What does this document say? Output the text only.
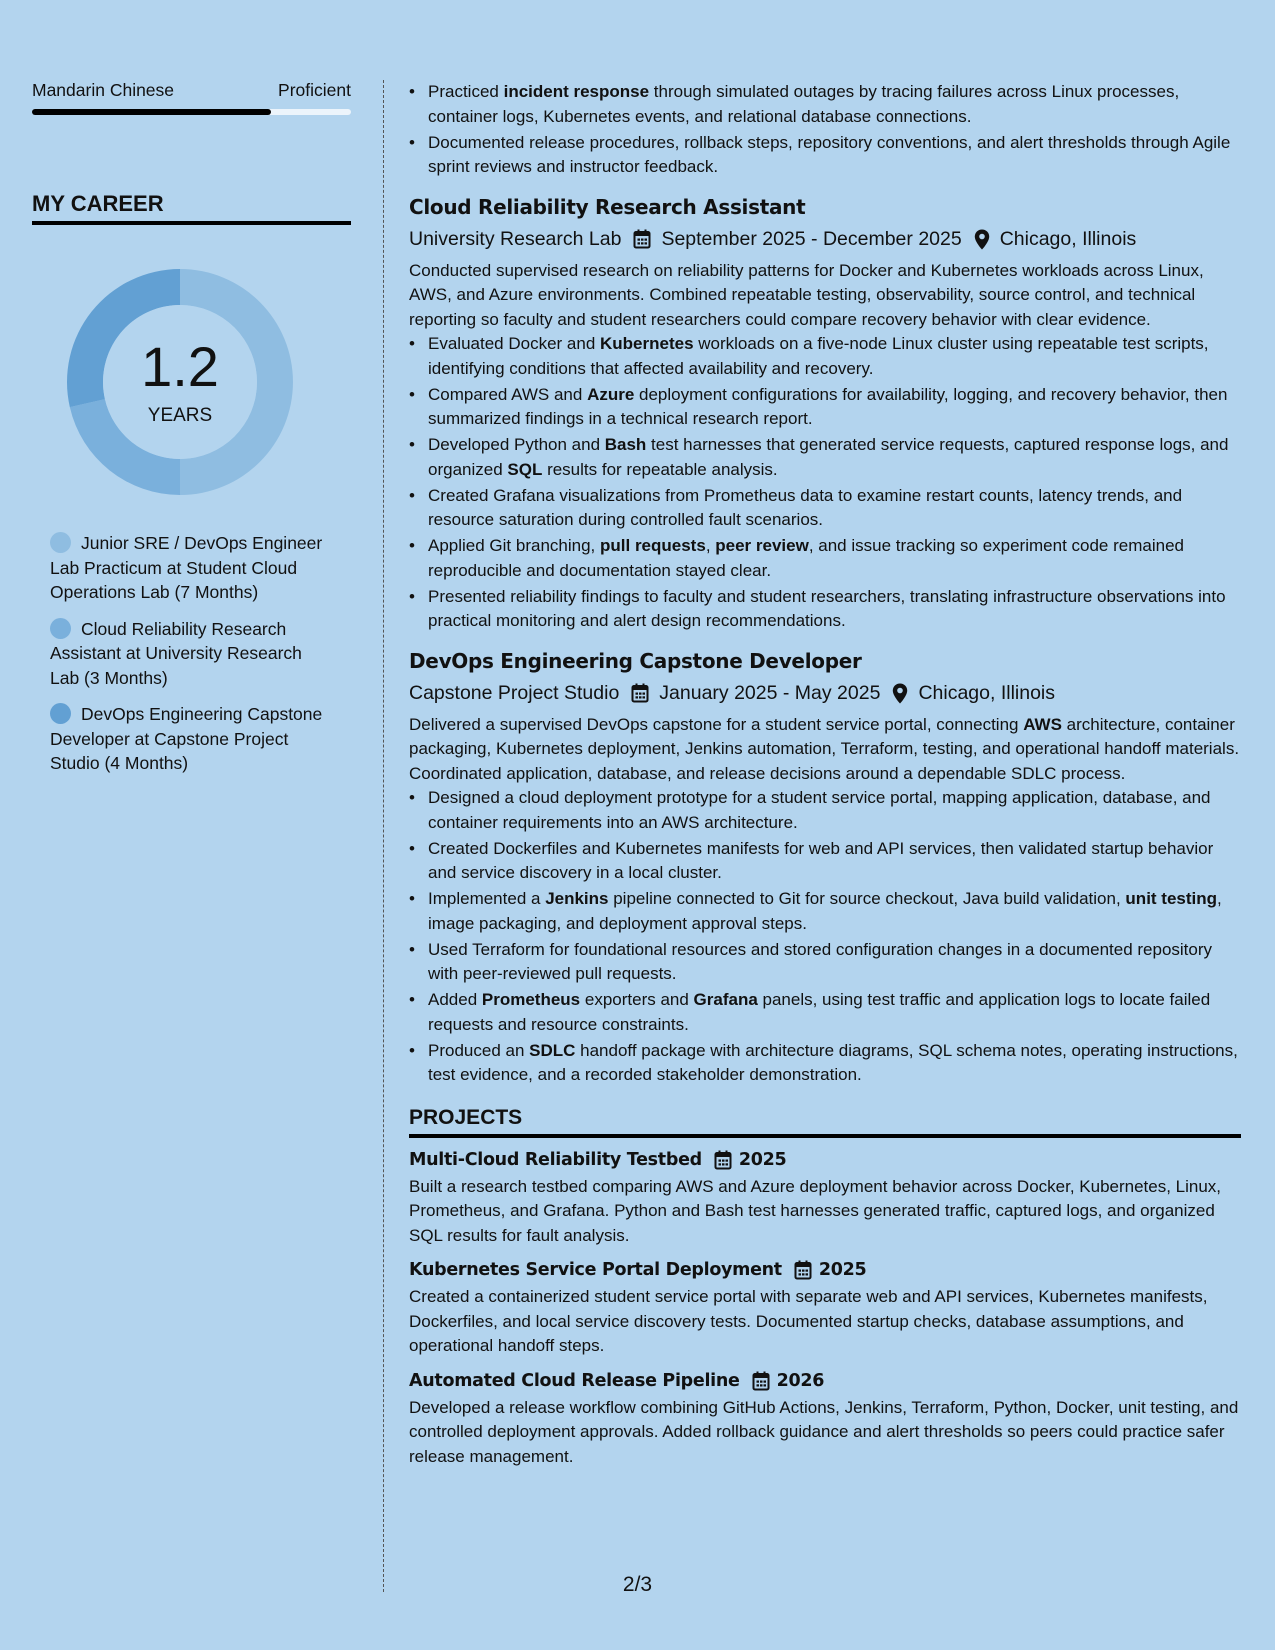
Mandarin Chinese	Proficient
MY CAREER
1.2
YEARS
Junior SRE / DevOps Engineer Lab Practicum at Student Cloud Operations Lab (7 Months)
Cloud Reliability Research Assistant at University Research Lab (3 Months)
DevOps Engineering Capstone Developer at Capstone Project Studio (4 Months)
• Practiced incident response through simulated outages by tracing failures across Linux processes, container logs, Kubernetes events, and relational database connections.
• Documented release procedures, rollback steps, repository conventions, and alert thresholds through Agile sprint reviews and instructor feedback.
Cloud Reliability Research Assistant
University Research Lab September 2025 - December 2025 Chicago, Illinois
Conducted supervised research on reliability patterns for Docker and Kubernetes workloads across Linux, AWS, and Azure environments. Combined repeatable testing, observability, source control, and technical reporting so faculty and student researchers could compare recovery behavior with clear evidence.
• Evaluated Docker and Kubernetes workloads on a five-node Linux cluster using repeatable test scripts, identifying conditions that affected availability and recovery.
• Compared AWS and Azure deployment configurations for availability, logging, and recovery behavior, then summarized findings in a technical research report.
• Developed Python and Bash test harnesses that generated service requests, captured response logs, and organized SQL results for repeatable analysis.
• Created Grafana visualizations from Prometheus data to examine restart counts, latency trends, and resource saturation during controlled fault scenarios.
• Applied Git branching, pull requests, peer review, and issue tracking so experiment code remained reproducible and documentation stayed clear.
• Presented reliability findings to faculty and student researchers, translating infrastructure observations into practical monitoring and alert design recommendations.
DevOps Engineering Capstone Developer
Capstone Project Studio January 2025 - May 2025 Chicago, Illinois
Delivered a supervised DevOps capstone for a student service portal, connecting AWS architecture, container packaging, Kubernetes deployment, Jenkins automation, Terraform, testing, and operational handoff materials. Coordinated application, database, and release decisions around a dependable SDLC process.
• Designed a cloud deployment prototype for a student service portal, mapping application, database, and container requirements into an AWS architecture.
• Created Dockerfiles and Kubernetes manifests for web and API services, then validated startup behavior and service discovery in a local cluster.
• Implemented a Jenkins pipeline connected to Git for source checkout, Java build validation, unit testing, image packaging, and deployment approval steps.
• Used Terraform for foundational resources and stored configuration changes in a documented repository with peer-reviewed pull requests.
• Added Prometheus exporters and Grafana panels, using test traffic and application logs to locate failed requests and resource constraints.
• Produced an SDLC handoff package with architecture diagrams, SQL schema notes, operating instructions, test evidence, and a recorded stakeholder demonstration.
PROJECTS
Multi-Cloud Reliability Testbed 2025
Built a research testbed comparing AWS and Azure deployment behavior across Docker, Kubernetes, Linux, Prometheus, and Grafana. Python and Bash test harnesses generated traffic, captured logs, and organized SQL results for fault analysis.
Kubernetes Service Portal Deployment 2025
Created a containerized student service portal with separate web and API services, Kubernetes manifests, Dockerfiles, and local service discovery tests. Documented startup checks, database assumptions, and operational handoff steps.
Automated Cloud Release Pipeline 2026
Developed a release workflow combining GitHub Actions, Jenkins, Terraform, Python, Docker, unit testing, and controlled deployment approvals. Added rollback guidance and alert thresholds so peers could practice safer release management.
2/3
